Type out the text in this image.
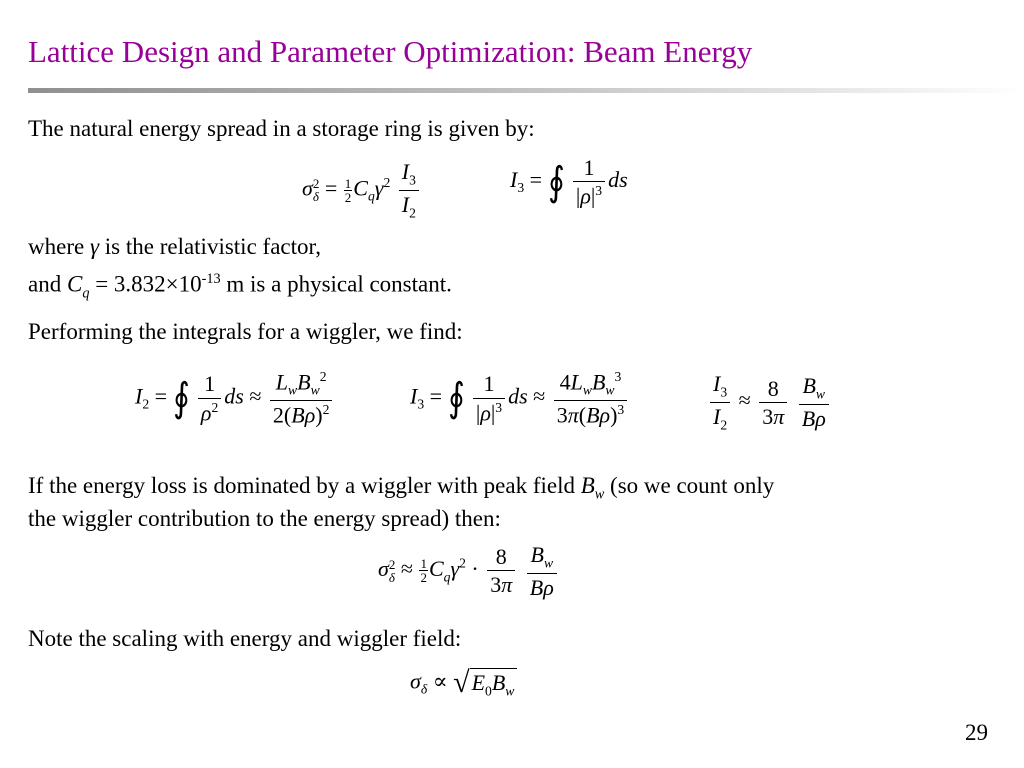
Lattice Design and Parameter Optimization: Beam Energy

The natural energy spread in a storage ring is given by:

σ 2
$\delta = \frac{1}{2} C_q\gamma^2 \frac{I_3}{I_2}$	$I_3$ = ∮ $\frac{1}{|\rho|^3}$ ds

where γ is the relativistic factor,

and $C_q = 3.832\times 10^{-13}$ m is a physical constant.

Performing the integrals for a wiggler, we find:

$I_2$ = ∮ $\frac{1}{\rho^2}$ ds ≈
$L_wB_w^2$
$2(B\rho)^2$
$I_3$ = ∮ $\frac{1}{|\rho|^3}$ ds ≈
$4L_wB_w^3$
$3\pi(B\rho)^3$	$\frac{I_3}{I_2} \approx \frac{8}{3\pi}$
$\frac{B_w}{B\rho}$

If the energy loss is dominated by a wiggler with peak field $B_w$ (so we count only

the wiggler contribution to the energy spread) then:

σ 2
$\delta \approx \frac{1}{2} C_q\gamma^2 \cdot \frac{8}{3\pi}$
$\frac{B_w}{B\rho}$

Note the scaling with energy and wiggler field:

$\sigma_\delta$ ∝ √ $E_0B_w$
29
